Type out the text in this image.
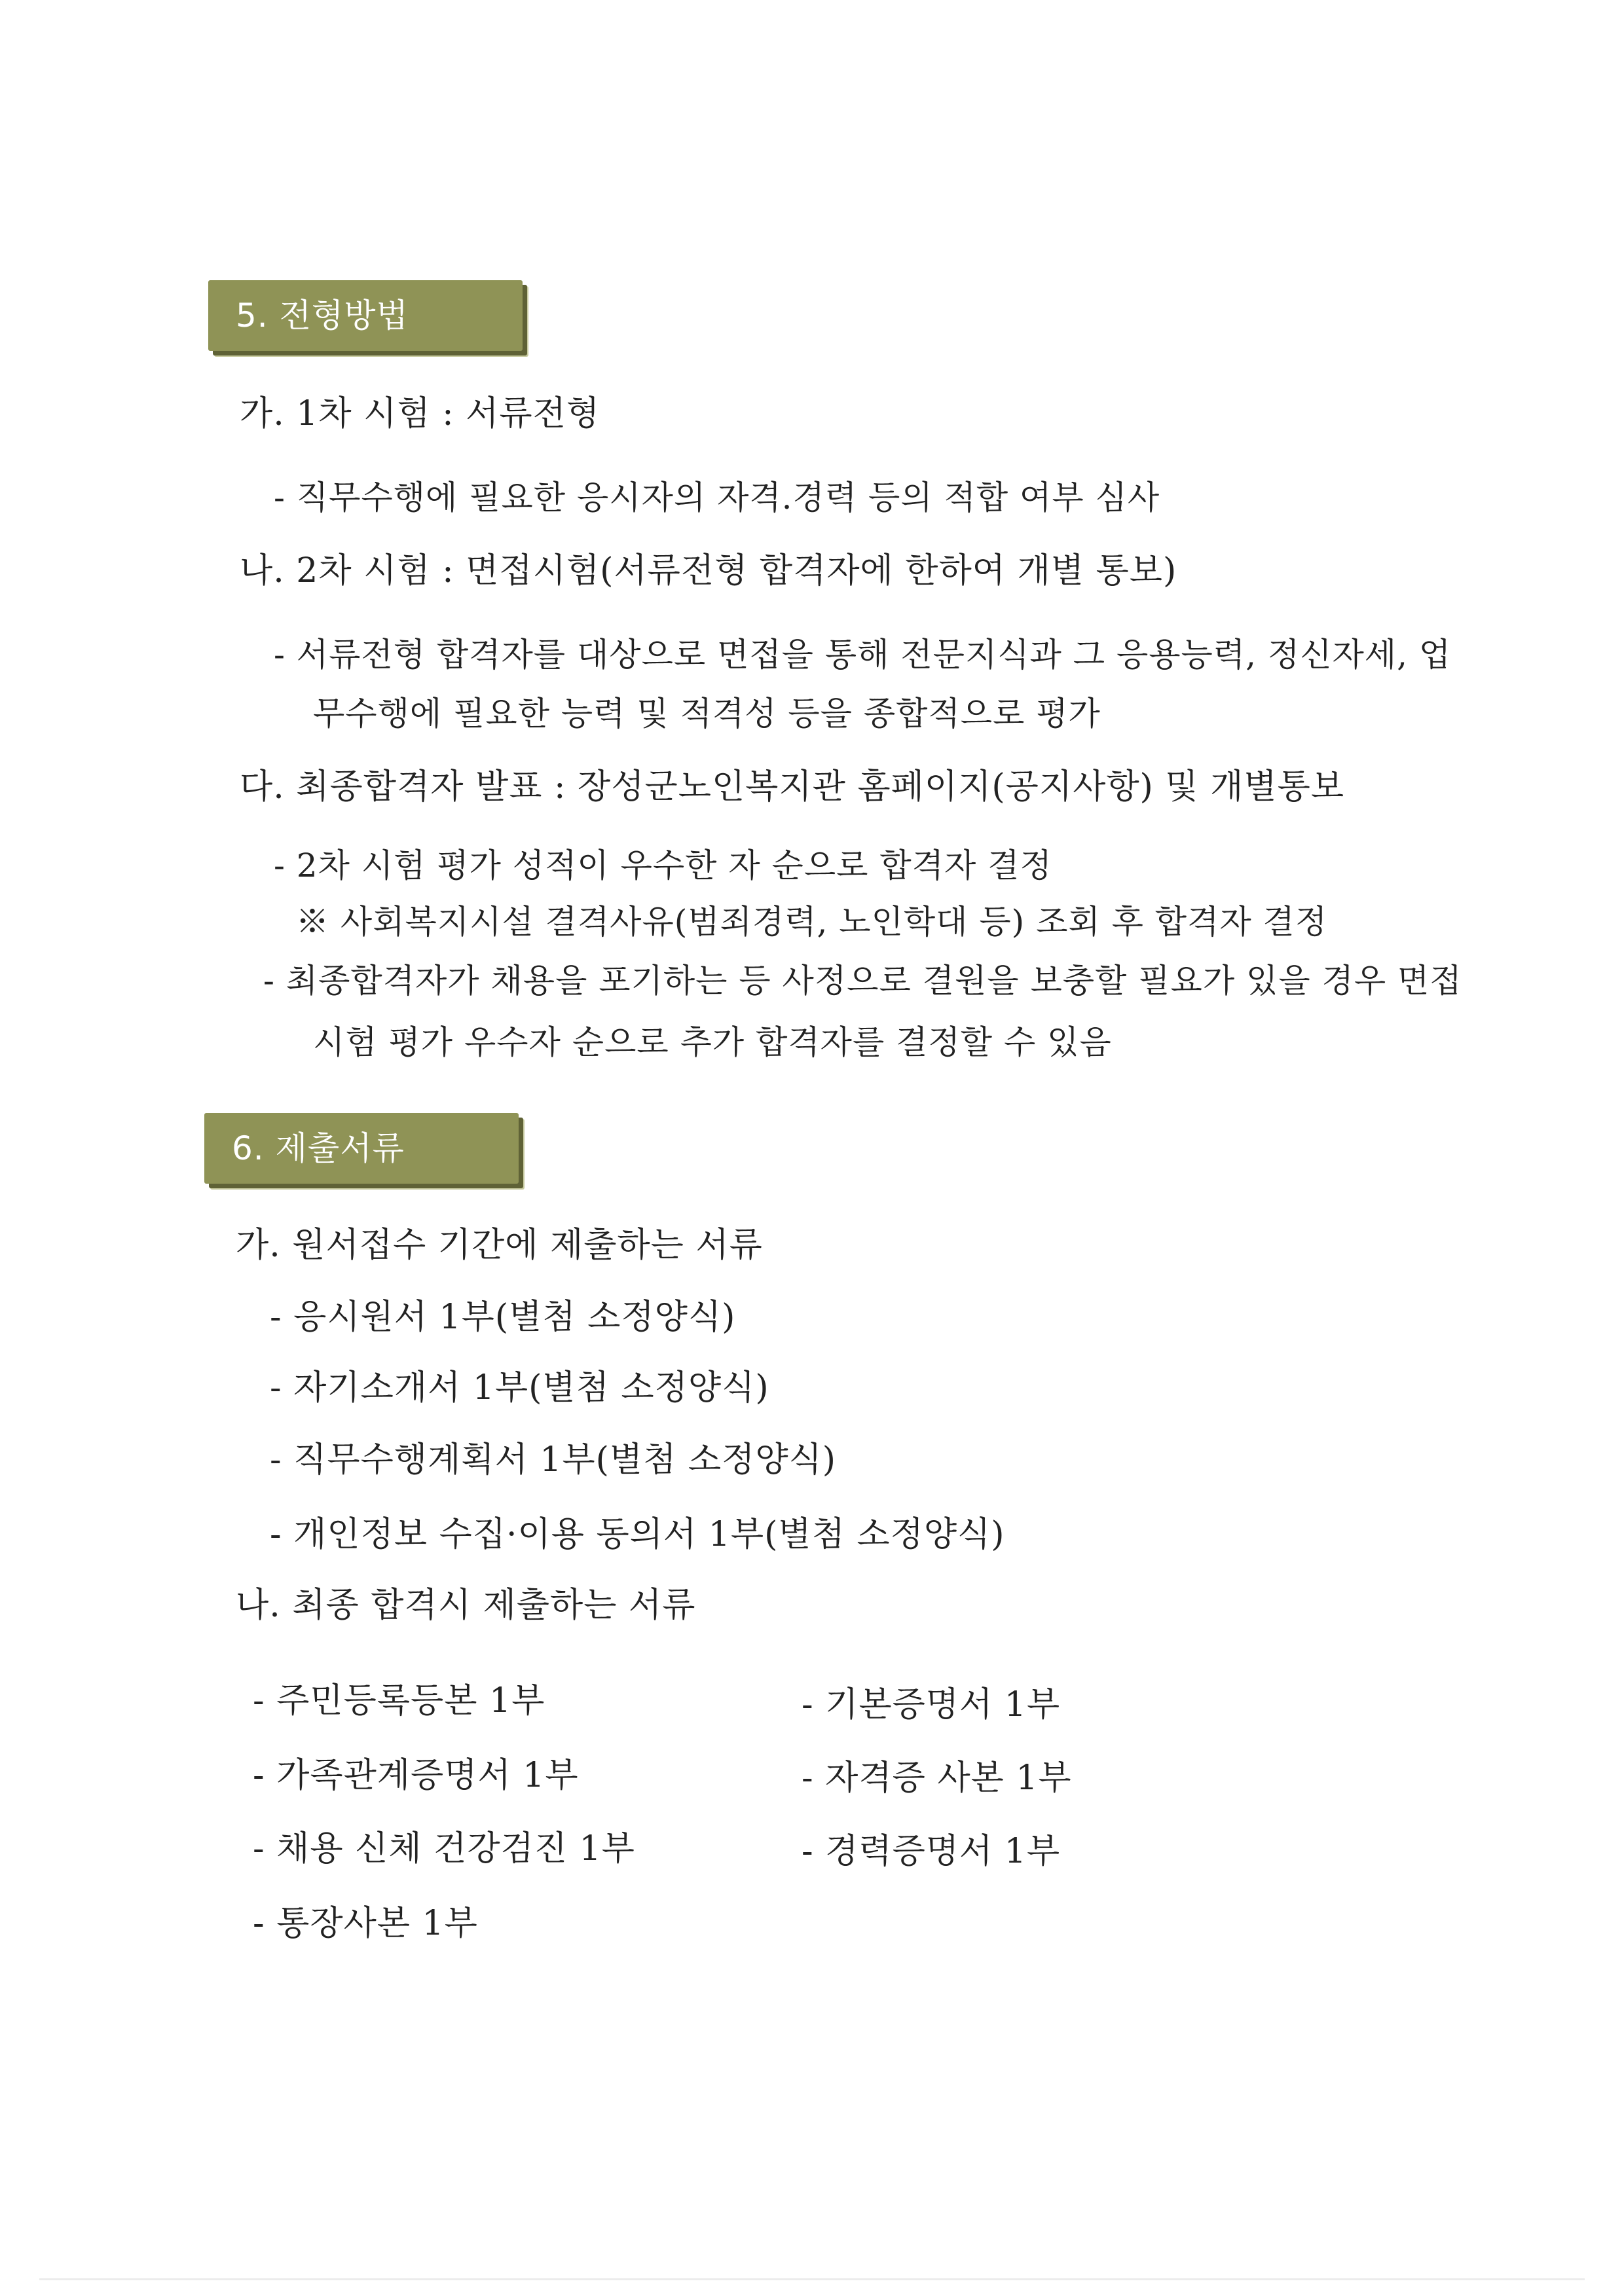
5. 전형방법
가. 1차 시험 : 서류전형
- 직무수행에 필요한 응시자의 자격.경력 등의 적합 여부 심사
나. 2차 시험 : 면접시험(서류전형 합격자에 한하여 개별 통보)
- 서류전형 합격자를 대상으로 면접을 통해 전문지식과 그 응용능력, 정신자세, 업
무수행에 필요한 능력 및 적격성 등을 종합적으로 평가
다. 최종합격자 발표 : 장성군노인복지관 홈페이지(공지사항) 및 개별통보
- 2차 시험 평가 성적이 우수한 자 순으로 합격자 결정
※ 사회복지시설 결격사유(범죄경력, 노인학대 등) 조회 후 합격자 결정
- 최종합격자가 채용을 포기하는 등 사정으로 결원을 보충할 필요가 있을 경우 면접
시험 평가 우수자 순으로 추가 합격자를 결정할 수 있음
6. 제출서류
가. 원서접수 기간에 제출하는 서류
- 응시원서 1부(별첨 소정양식)
- 자기소개서 1부(별첨 소정양식)
- 직무수행계획서 1부(별첨 소정양식)
- 개인정보 수집·이용 동의서 1부(별첨 소정양식)
나. 최종 합격시 제출하는 서류
- 주민등록등본 1부
- 가족관계증명서 1부
- 채용 신체 건강검진 1부
- 통장사본 1부
- 기본증명서 1부
- 자격증 사본 1부
- 경력증명서 1부
